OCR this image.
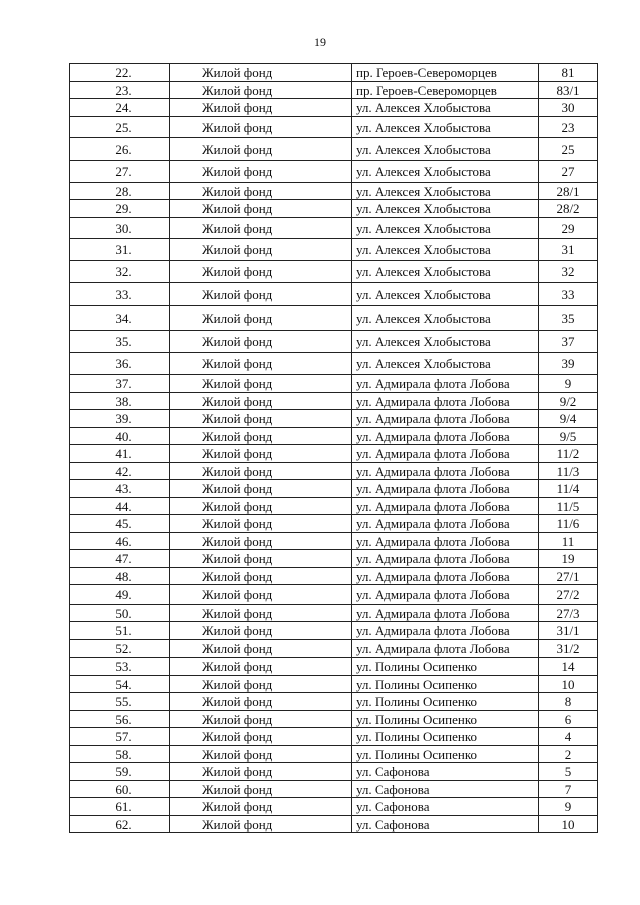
19
22.	Жилой фонд	пр. Героев-Североморцев	81
23.	Жилой фонд	пр. Героев-Североморцев	83/1
24.	Жилой фонд	ул. Алексея Хлобыстова	30
25.	Жилой фонд	ул. Алексея Хлобыстова	23
26.	Жилой фонд	ул. Алексея Хлобыстова	25
27.	Жилой фонд	ул. Алексея Хлобыстова	27
28.	Жилой фонд	ул. Алексея Хлобыстова	28/1
29.	Жилой фонд	ул. Алексея Хлобыстова	28/2
30.	Жилой фонд	ул. Алексея Хлобыстова	29
31.	Жилой фонд	ул. Алексея Хлобыстова	31
32.	Жилой фонд	ул. Алексея Хлобыстова	32
33.	Жилой фонд	ул. Алексея Хлобыстова	33
34.	Жилой фонд	ул. Алексея Хлобыстова	35
35.	Жилой фонд	ул. Алексея Хлобыстова	37
36.	Жилой фонд	ул. Алексея Хлобыстова	39
37.	Жилой фонд	ул. Адмирала флота Лобова	9
38.	Жилой фонд	ул. Адмирала флота Лобова	9/2
39.	Жилой фонд	ул. Адмирала флота Лобова	9/4
40.	Жилой фонд	ул. Адмирала флота Лобова	9/5
41.	Жилой фонд	ул. Адмирала флота Лобова	11/2
42.	Жилой фонд	ул. Адмирала флота Лобова	11/3
43.	Жилой фонд	ул. Адмирала флота Лобова	11/4
44.	Жилой фонд	ул. Адмирала флота Лобова	11/5
45.	Жилой фонд	ул. Адмирала флота Лобова	11/6
46.	Жилой фонд	ул. Адмирала флота Лобова	11
47.	Жилой фонд	ул. Адмирала флота Лобова	19
48.	Жилой фонд	ул. Адмирала флота Лобова	27/1
49.	Жилой фонд	ул. Адмирала флота Лобова	27/2
50.	Жилой фонд	ул. Адмирала флота Лобова	27/3
51.	Жилой фонд	ул. Адмирала флота Лобова	31/1
52.	Жилой фонд	ул. Адмирала флота Лобова	31/2
53.	Жилой фонд	ул. Полины Осипенко	14
54.	Жилой фонд	ул. Полины Осипенко	10
55.	Жилой фонд	ул. Полины Осипенко	8
56.	Жилой фонд	ул. Полины Осипенко	6
57.	Жилой фонд	ул. Полины Осипенко	4
58.	Жилой фонд	ул. Полины Осипенко	2
59.	Жилой фонд	ул. Сафонова	5
60.	Жилой фонд	ул. Сафонова	7
61.	Жилой фонд	ул. Сафонова	9
62.	Жилой фонд	ул. Сафонова	10
